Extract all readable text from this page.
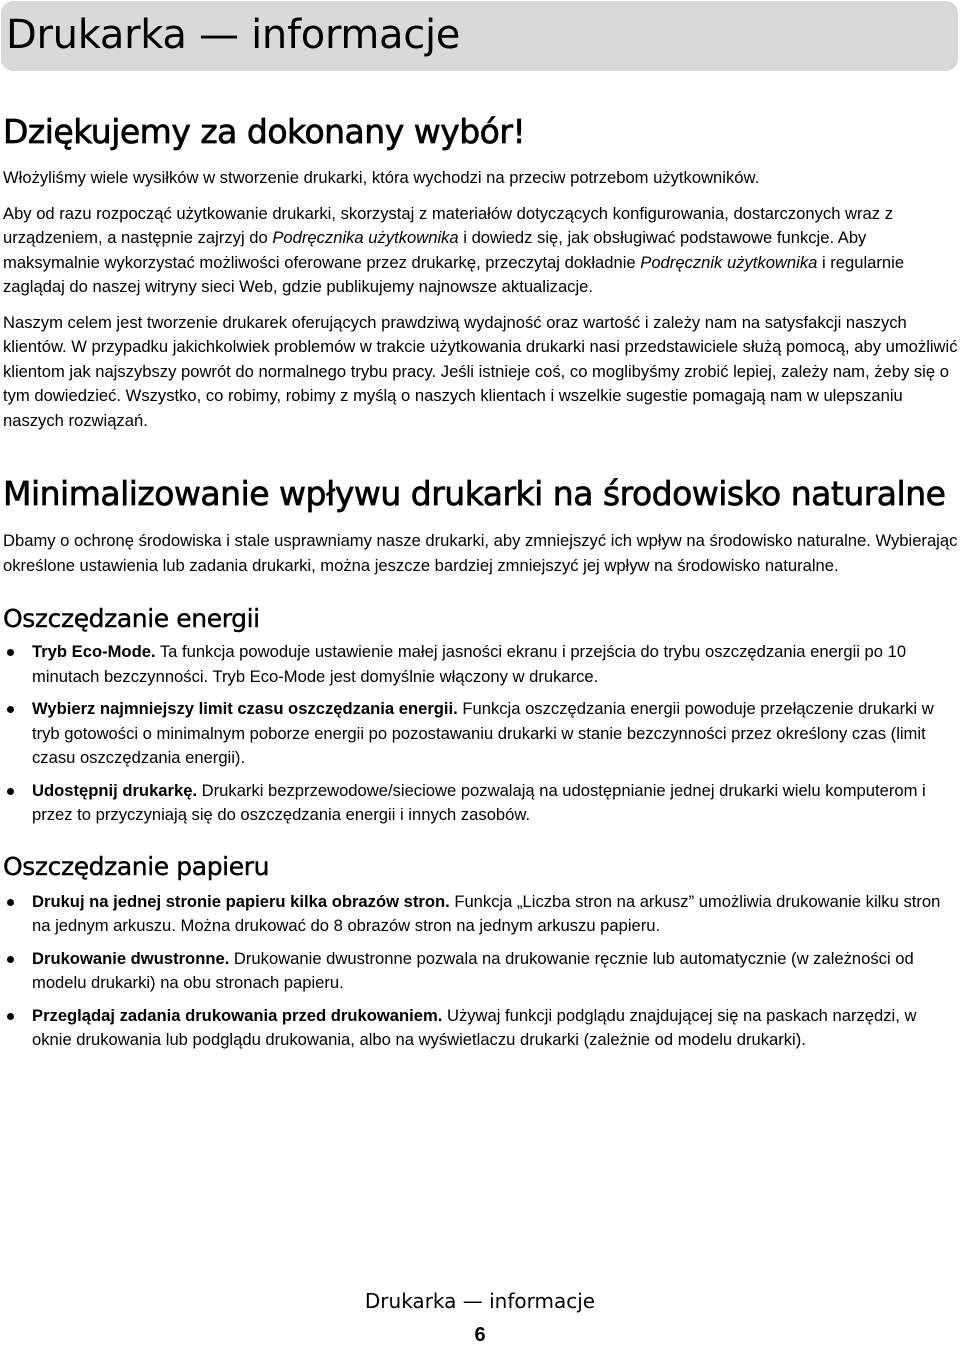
Drukarka — informacje
Dziękujemy za dokonany wybór!

Włożyliśmy wiele wysiłków w stworzenie drukarki, która wychodzi na przeciw potrzebom użytkowników.

Aby od razu rozpocząć użytkowanie drukarki, skorzystaj z materiałów dotyczących konfigurowania, dostarczonych wraz z urządzeniem, a następnie zajrzyj do Podręcznika użytkownika i dowiedz się, jak obsługiwać podstawowe funkcje. Aby maksymalnie wykorzystać możliwości oferowane przez drukarkę, przeczytaj dokładnie Podręcznik użytkownika i regularnie zaglądaj do naszej witryny sieci Web, gdzie publikujemy najnowsze aktualizacje.

Naszym celem jest tworzenie drukarek oferujących prawdziwą wydajność oraz wartość i zależy nam na satysfakcji naszych klientów. W przypadku jakichkolwiek problemów w trakcie użytkowania drukarki nasi przedstawiciele służą pomocą, aby umożliwić klientom jak najszybszy powrót do normalnego trybu pracy. Jeśli istnieje coś, co moglibyśmy zrobić lepiej, zależy nam, żeby się o tym dowiedzieć. Wszystko, co robimy, robimy z myślą o naszych klientach i wszelkie sugestie pomagają nam w ulepszaniu naszych rozwiązań.

Minimalizowanie wpływu drukarki na środowisko naturalne

Dbamy o ochronę środowiska i stale usprawniamy nasze drukarki, aby zmniejszyć ich wpływ na środowisko naturalne. Wybierając określone ustawienia lub zadania drukarki, można jeszcze bardziej zmniejszyć jej wpływ na środowisko naturalne.

Oszczędzanie energii
Tryb Eco-Mode. Ta funkcja powoduje ustawienie małej jasności ekranu i przejścia do trybu oszczędzania energii po 10 minutach bezczynności. Tryb Eco-Mode jest domyślnie włączony w drukarce.
Wybierz najmniejszy limit czasu oszczędzania energii. Funkcja oszczędzania energii powoduje przełączenie drukarki w tryb gotowości o minimalnym poborze energii po pozostawaniu drukarki w stanie bezczynności przez określony czas (limit czasu oszczędzania energii).
Udostępnij drukarkę. Drukarki bezprzewodowe/sieciowe pozwalają na udostępnianie jednej drukarki wielu komputerom i przez to przyczyniają się do oszczędzania energii i innych zasobów.
Oszczędzanie papieru
Drukuj na jednej stronie papieru kilka obrazów stron. Funkcja „Liczba stron na arkusz” umożliwia drukowanie kilku stron na jednym arkuszu. Można drukować do 8 obrazów stron na jednym arkuszu papieru.
Drukowanie dwustronne. Drukowanie dwustronne pozwala na drukowanie ręcznie lub automatycznie (w zależności od modelu drukarki) na obu stronach papieru.
Przeglądaj zadania drukowania przed drukowaniem. Używaj funkcji podglądu znajdującej się na paskach narzędzi, w oknie drukowania lub podglądu drukowania, albo na wyświetlaczu drukarki (zależnie od modelu drukarki).
Drukarka — informacje
6
